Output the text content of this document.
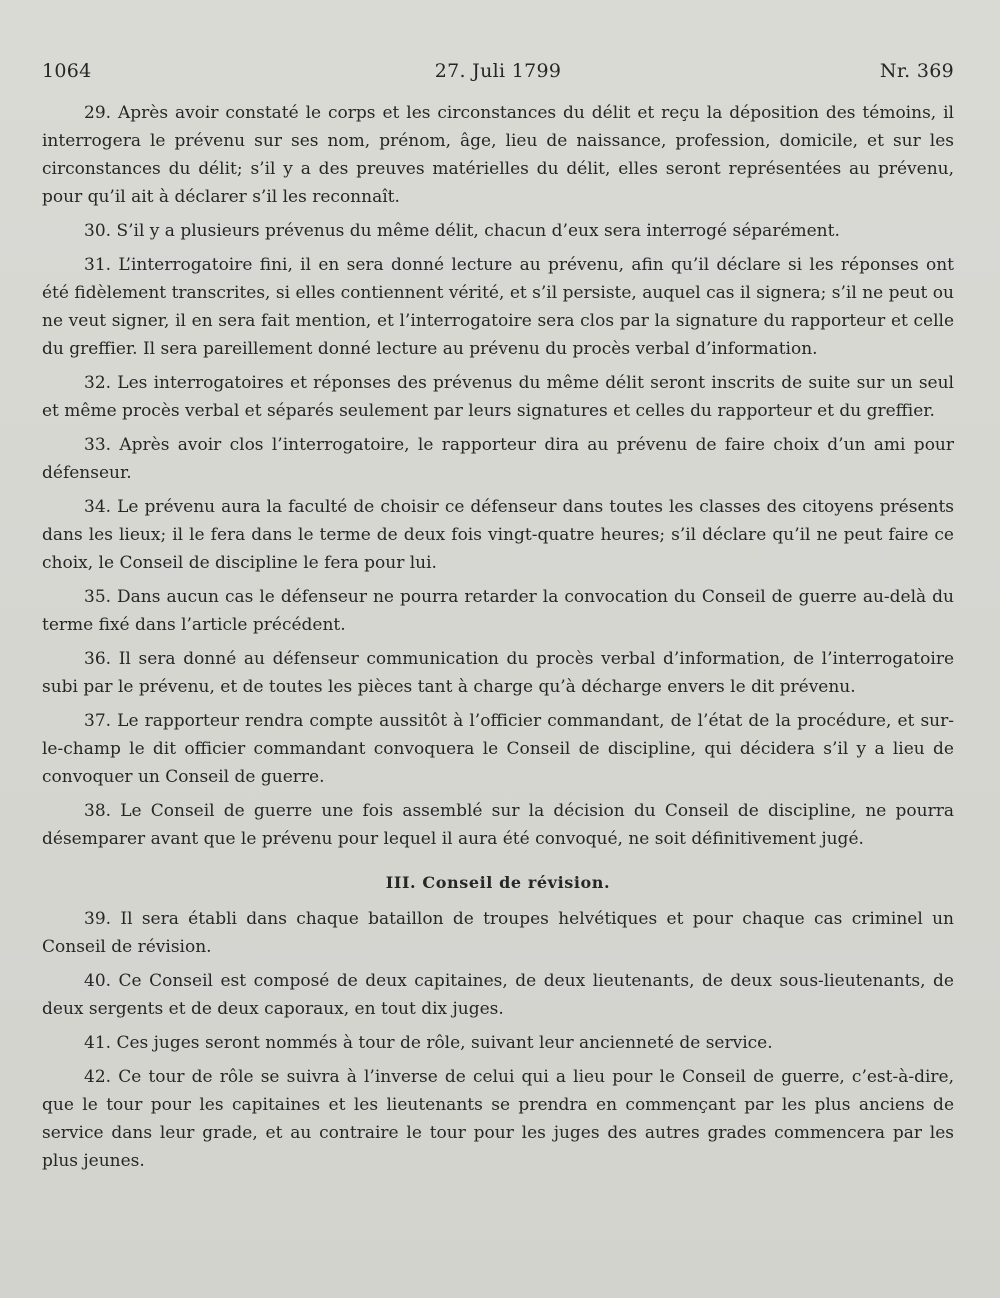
1064	27. Juli 1799	Nr. 369

29. Après avoir constaté le corps et les circonstances du délit et reçu la déposition des témoins, il interrogera le prévenu sur ses nom, prénom, âge, lieu de naissance, profession, domicile, et sur les circonstances du délit; s’il y a des preuves matérielles du délit, elles seront représentées au prévenu, pour qu’il ait à déclarer s’il les reconnaît.

30. S’il y a plusieurs prévenus du même délit, chacun d’eux sera interrogé séparément.

31. L’interrogatoire fini, il en sera donné lecture au prévenu, afin qu’il déclare si les réponses ont été fidèlement transcrites, si elles contiennent vérité, et s’il persiste, auquel cas il signera; s’il ne peut ou ne veut signer, il en sera fait mention, et l’interrogatoire sera clos par la signature du rapporteur et celle du greffier. Il sera pareillement donné lecture au prévenu du procès verbal d’information.

32. Les interrogatoires et réponses des prévenus du même délit seront inscrits de suite sur un seul et même procès verbal et séparés seulement par leurs signatures et celles du rapporteur et du greffier.

33. Après avoir clos l’interrogatoire, le rapporteur dira au prévenu de faire choix d’un ami pour défenseur.

34. Le prévenu aura la faculté de choisir ce défenseur dans toutes les classes des citoyens présents dans les lieux; il le fera dans le terme de deux fois vingt-quatre heures; s’il déclare qu’il ne peut faire ce choix, le Conseil de discipline le fera pour lui.

35. Dans aucun cas le défenseur ne pourra retarder la convocation du Conseil de guerre au-delà du terme fixé dans l’article précédent.

36. Il sera donné au défenseur communication du procès verbal d’information, de l’interrogatoire subi par le prévenu, et de toutes les pièces tant à charge qu’à décharge envers le dit prévenu.

37. Le rapporteur rendra compte aussitôt à l’officier commandant, de l’état de la procédure, et sur-le-champ le dit officier commandant convoquera le Conseil de discipline, qui décidera s’il y a lieu de convoquer un Conseil de guerre.

38. Le Conseil de guerre une fois assemblé sur la décision du Conseil de discipline, ne pourra désemparer avant que le prévenu pour lequel il aura été convoqué, ne soit définitivement jugé.

III. Conseil de révision.

39. Il sera établi dans chaque bataillon de troupes helvétiques et pour chaque cas criminel un Conseil de révision.

40. Ce Conseil est composé de deux capitaines, de deux lieutenants, de deux sous-lieutenants, de deux sergents et de deux caporaux, en tout dix juges.

41. Ces juges seront nommés à tour de rôle, suivant leur ancienneté de service.

42. Ce tour de rôle se suivra à l’inverse de celui qui a lieu pour le Conseil de guerre, c’est-à-dire, que le tour pour les capitaines et les lieutenants se prendra en commençant par les plus anciens de service dans leur grade, et au contraire le tour pour les juges des autres grades commencera par les plus jeunes.
